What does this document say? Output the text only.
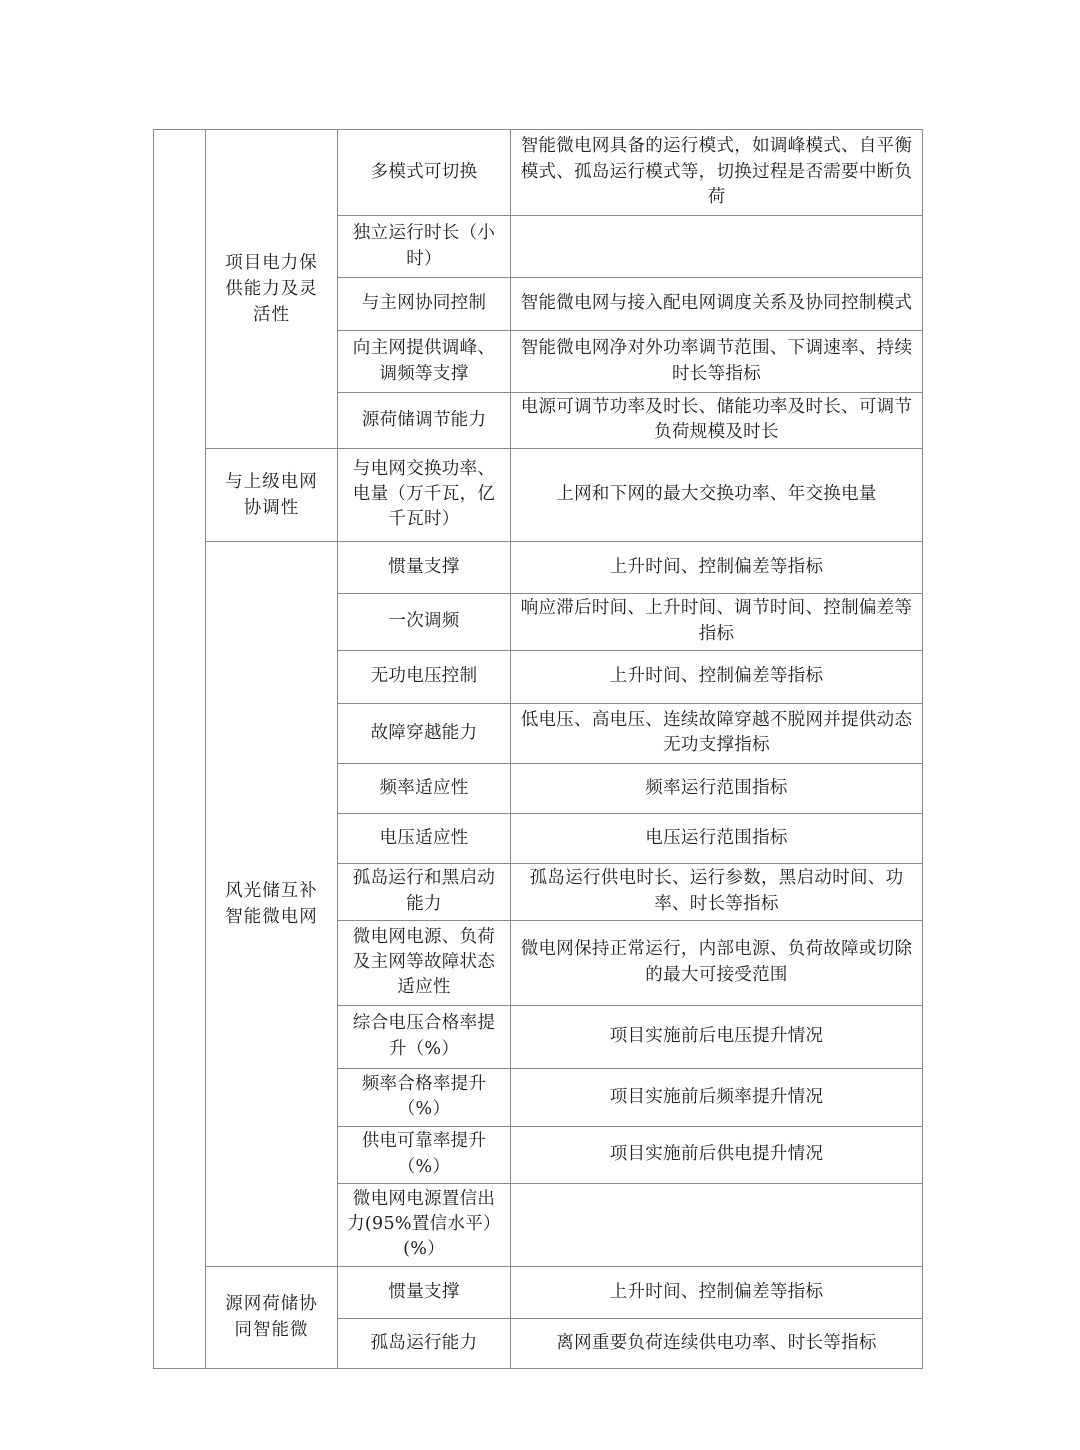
	项目电力保供能力及灵活性	多模式可切换	智能微电网具备的运行模式，如调峰模式、自平衡模式、孤岛运行模式等，切换过程是否需要中断负荷
		独立运行时长（小时）	
		与主网协同控制	智能微电网与接入配电网调度关系及协同控制模式
		向主网提供调峰、调频等支撑	智能微电网净对外功率调节范围、下调速率、持续时长等指标
		源荷储调节能力	电源可调节功率及时长、储能功率及时长、可调节负荷规模及时长
	与上级电网协调性	与电网交换功率、电量（万千瓦，亿千瓦时）	上网和下网的最大交换功率、年交换电量
	风光储互补智能微电网	惯量支撑	上升时间、控制偏差等指标
		一次调频	响应滞后时间、上升时间、调节时间、控制偏差等指标
		无功电压控制	上升时间、控制偏差等指标
		故障穿越能力	低电压、高电压、连续故障穿越不脱网并提供动态无功支撑指标
		频率适应性	频率运行范围指标
		电压适应性	电压运行范围指标
		孤岛运行和黑启动能力	孤岛运行供电时长、运行参数，黑启动时间、功率、时长等指标
		微电网电源、负荷及主网等故障状态适应性	微电网保持正常运行，内部电源、负荷故障或切除的最大可接受范围
		综合电压合格率提升（%）	项目实施前后电压提升情况
		频率合格率提升（%）	项目实施前后频率提升情况
		供电可靠率提升（%）	项目实施前后供电提升情况
		微电网电源置信出力(95%置信水平）(%）	
	源网荷储协同智能微	惯量支撑	上升时间、控制偏差等指标
		孤岛运行能力	离网重要负荷连续供电功率、时长等指标
